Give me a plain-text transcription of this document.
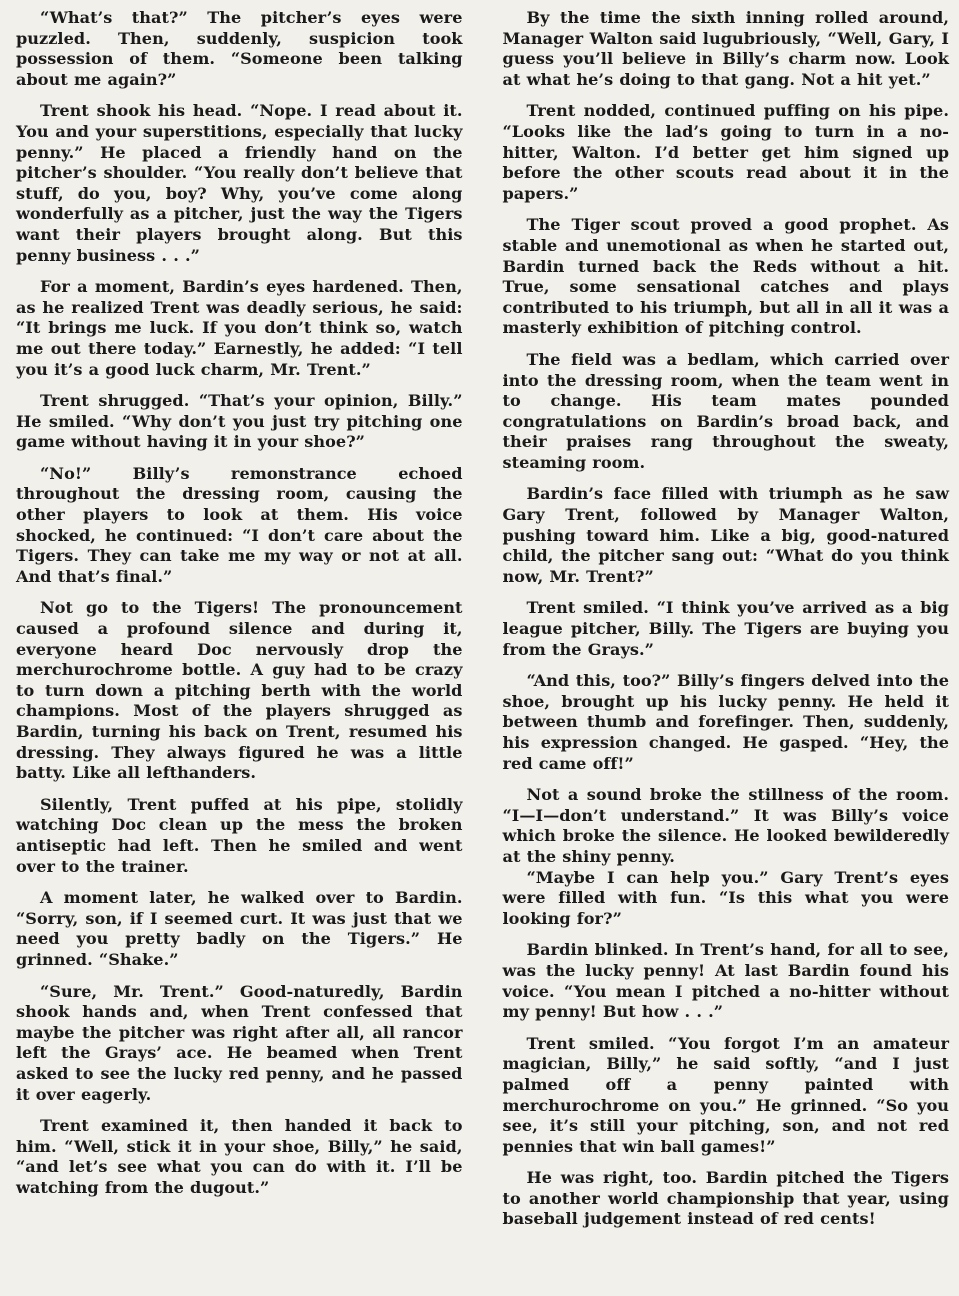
“What’s that?” The pitcher’s eyes were puzzled. Then, suddenly, suspicion took possession of them. “Someone been talking about me again?”

Trent shook his head. “Nope. I read about it. You and your superstitions, especially that lucky penny.” He placed a friendly hand on the pitcher’s shoulder. “You really don’t believe that stuff, do you, boy? Why, you’ve come along wonderfully as a pitcher, just the way the Tigers want their players brought along. But this penny business . . .”

For a moment, Bardin’s eyes hardened. Then, as he realized Trent was deadly serious, he said: “It brings me luck. If you don’t think so, watch me out there today.” Earnestly, he added: “I tell you it’s a good luck charm, Mr. Trent.”

Trent shrugged. “That’s your opinion, Billy.” He smiled. “Why don’t you just try pitching one game without having it in your shoe?”

“No!” Billy’s remonstrance echoed throughout the dressing room, causing the other players to look at them. His voice shocked, he continued: “I don’t care about the Tigers. They can take me my way or not at all. And that’s final.”

Not go to the Tigers! The pronouncement caused a profound silence and during it, everyone heard Doc nervously drop the merchurochrome bottle. A guy had to be crazy to turn down a pitching berth with the world champions. Most of the players shrugged as Bardin, turning his back on Trent, resumed his dressing. They always figured he was a little batty. Like all lefthanders.

Silently, Trent puffed at his pipe, stolidly watching Doc clean up the mess the broken antiseptic had left. Then he smiled and went over to the trainer.

A moment later, he walked over to Bardin. “Sorry, son, if I seemed curt. It was just that we need you pretty badly on the Tigers.” He grinned. “Shake.”

“Sure, Mr. Trent.” Good-naturedly, Bardin shook hands and, when Trent confessed that maybe the pitcher was right after all, all rancor left the Grays’ ace. He beamed when Trent asked to see the lucky red penny, and he passed it over eagerly.

Trent examined it, then handed it back to him. “Well, stick it in your shoe, Billy,” he said, “and let’s see what you can do with it. I’ll be watching from the dugout.”

By the time the sixth inning rolled around, Manager Walton said lugubriously, “Well, Gary, I guess you’ll believe in Billy’s charm now. Look at what he’s doing to that gang. Not a hit yet.”

Trent nodded, continued puffing on his pipe. “Looks like the lad’s going to turn in a no-hitter, Walton. I’d better get him signed up before the other scouts read about it in the papers.”

The Tiger scout proved a good prophet. As stable and unemotional as when he started out, Bardin turned back the Reds without a hit. True, some sensational catches and plays contributed to his triumph, but all in all it was a masterly exhibition of pitching control.

The field was a bedlam, which carried over into the dressing room, when the team went in to change. His team mates pounded congratulations on Bardin’s broad back, and their praises rang throughout the sweaty, steaming room.

Bardin’s face filled with triumph as he saw Gary Trent, followed by Manager Walton, pushing toward him. Like a big, good-natured child, the pitcher sang out: “What do you think now, Mr. Trent?”

Trent smiled. “I think you’ve arrived as a big league pitcher, Billy. The Tigers are buying you from the Grays.”

“And this, too?” Billy’s fingers delved into the shoe, brought up his lucky penny. He held it between thumb and forefinger. Then, suddenly, his expression changed. He gasped. “Hey, the red came off!”

Not a sound broke the stillness of the room. “I—I—don’t understand.” It was Billy’s voice which broke the silence. He looked bewilderedly at the shiny penny.

“Maybe I can help you.” Gary Trent’s eyes were filled with fun. “Is this what you were looking for?”

Bardin blinked. In Trent’s hand, for all to see, was the lucky penny! At last Bardin found his voice. “You mean I pitched a no-hitter without my penny! But how . . .”

Trent smiled. “You forgot I’m an amateur magician, Billy,” he said softly, “and I just palmed off a penny painted with merchurochrome on you.” He grinned. “So you see, it’s still your pitching, son, and not red pennies that win ball games!”

He was right, too. Bardin pitched the Tigers to another world championship that year, using baseball judgement instead of red cents!
